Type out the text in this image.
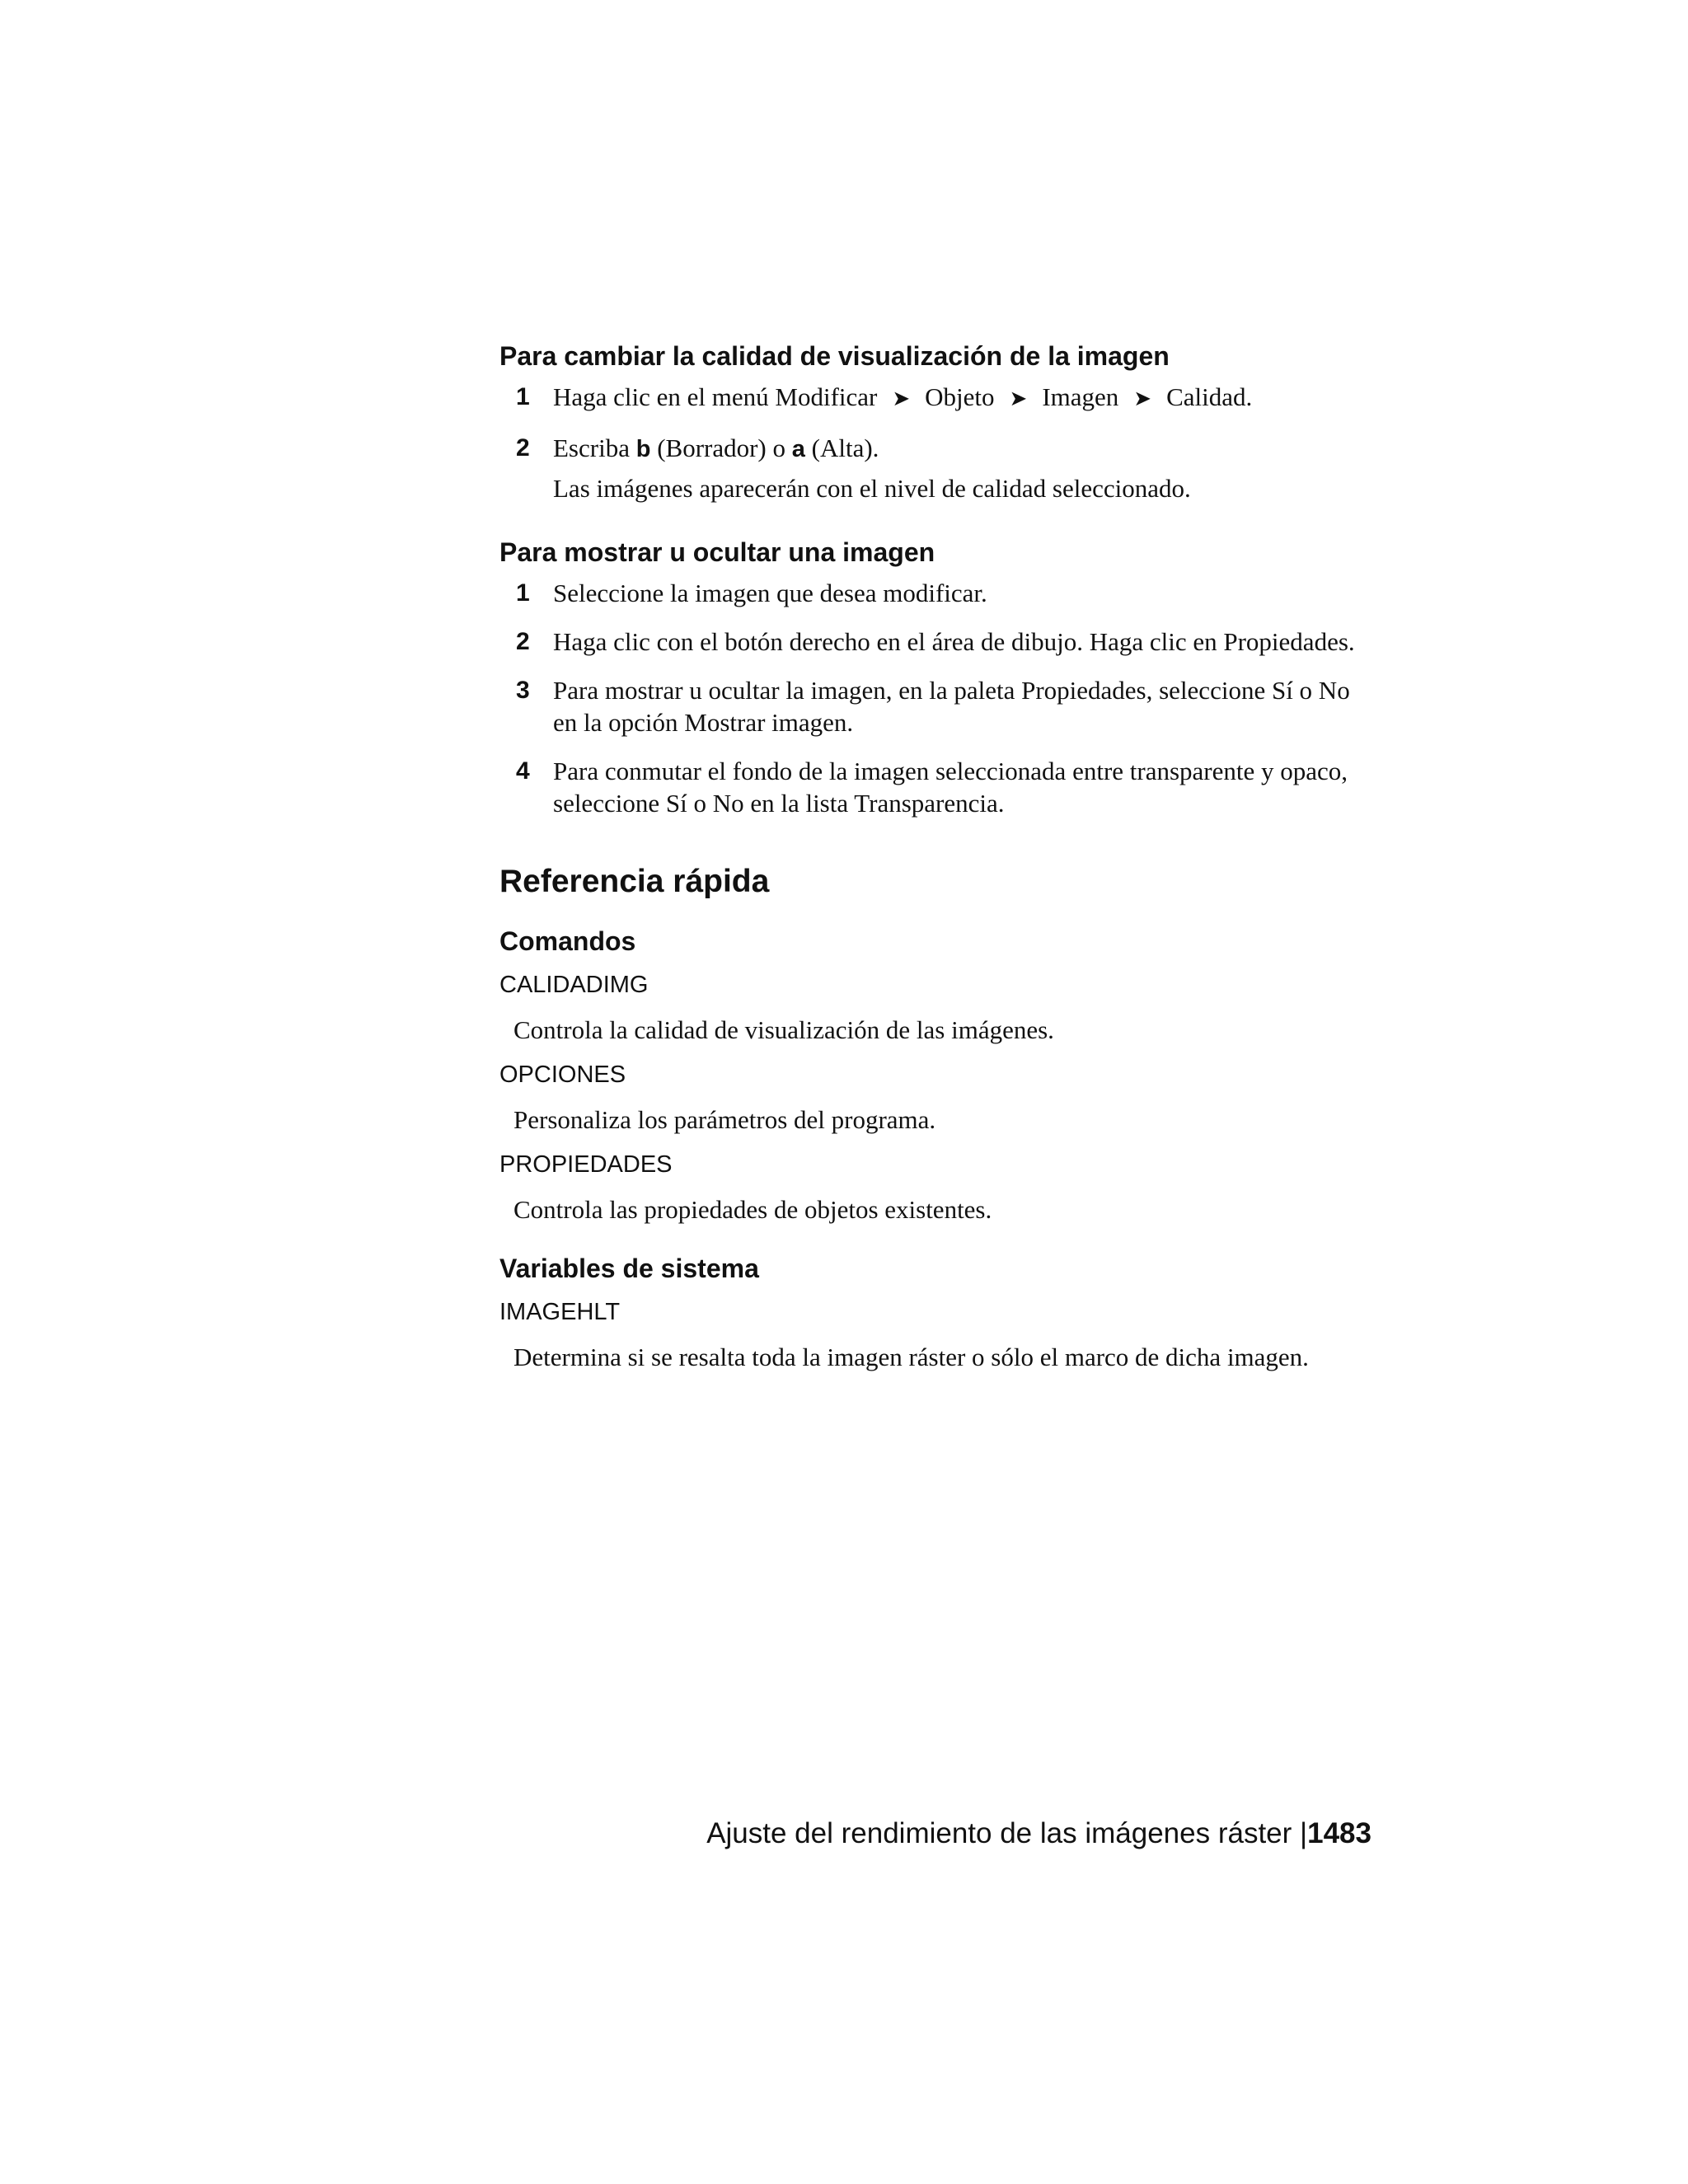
Para cambiar la calidad de visualización de la imagen
1 Haga clic en el menú Modificar ➤ Objeto ➤ Imagen ➤ Calidad.
2 Escriba b (Borrador) o a (Alta).
Las imágenes aparecerán con el nivel de calidad seleccionado.
Para mostrar u ocultar una imagen
1 Seleccione la imagen que desea modificar.
2 Haga clic con el botón derecho en el área de dibujo. Haga clic en Propiedades.
3 Para mostrar u ocultar la imagen, en la paleta Propiedades, seleccione Sí o No en la opción Mostrar imagen.
4 Para conmutar el fondo de la imagen seleccionada entre transparente y opaco, seleccione Sí o No en la lista Transparencia.
Referencia rápida
Comandos

CALIDADIMG

Controla la calidad de visualización de las imágenes.

OPCIONES

Personaliza los parámetros del programa.

PROPIEDADES

Controla las propiedades de objetos existentes.

Variables de sistema

IMAGEHLT

Determina si se resalta toda la imagen ráster o sólo el marco de dicha imagen.

Ajuste del rendimiento de las imágenes ráster |1483
